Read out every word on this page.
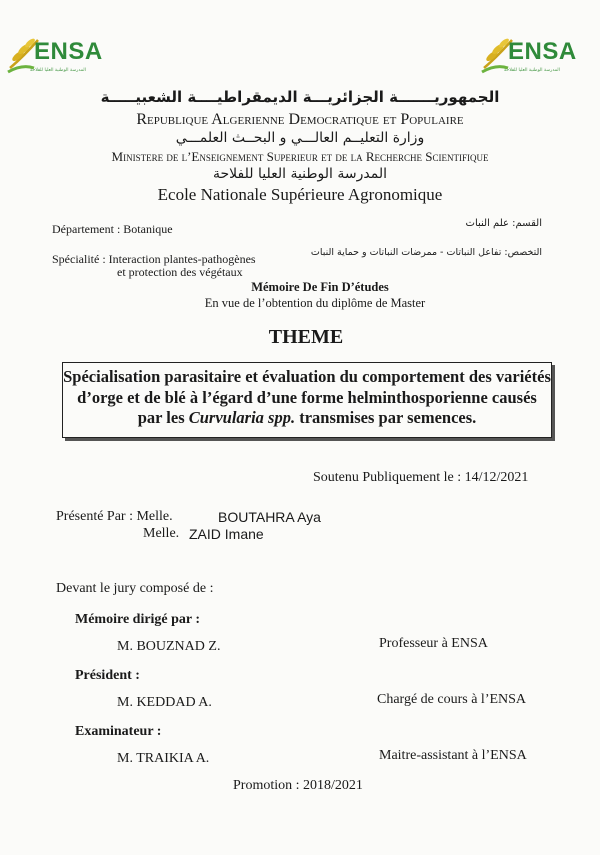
ENSA
المدرسة الوطنية العليا للفلاحة
ENSA
المدرسة الوطنية العليا للفلاحة
الجمهوريـــــــة الجزائريـــة الديمقراطيــــة الشعبيـــــة
Republique Algerienne Democratique et Populaire
وزارة التعليــم العالـــي و البحــث العلمـــي
Ministere de l’Enseignement Superieur et de la Recherche Scientifique
المدرسة الوطنية العليا للفلاحة
Ecole Nationale Supérieure Agronomique
Département : Botanique	القسم: علم النبات
Spécialité : Interaction plantes-pathogènes
et protection des végétaux
التخصص: تفاعل النباتات - ممرضات النباتات و حماية النبات
Mémoire De Fin D’études
En vue de l’obtention du diplôme de Master
THEME
Spécialisation parasitaire et évaluation du comportement des variétés d’orge et de blé à l’égard d’une forme helminthosporienne causés par les Curvularia spp. transmises par semences.
Soutenu Publiquement le : 14/12/2021
Présenté Par : Melle.	BOUTAHRA Aya
Melle. ZAID Imane
Devant le jury composé de :
Mémoire dirigé par :
M. BOUZNAD Z.	Professeur à ENSA
Président :
M. KEDDAD A.	Chargé de cours à l’ENSA
Examinateur :
M. TRAIKIA A.	Maitre-assistant à l’ENSA
Promotion : 2018/2021
